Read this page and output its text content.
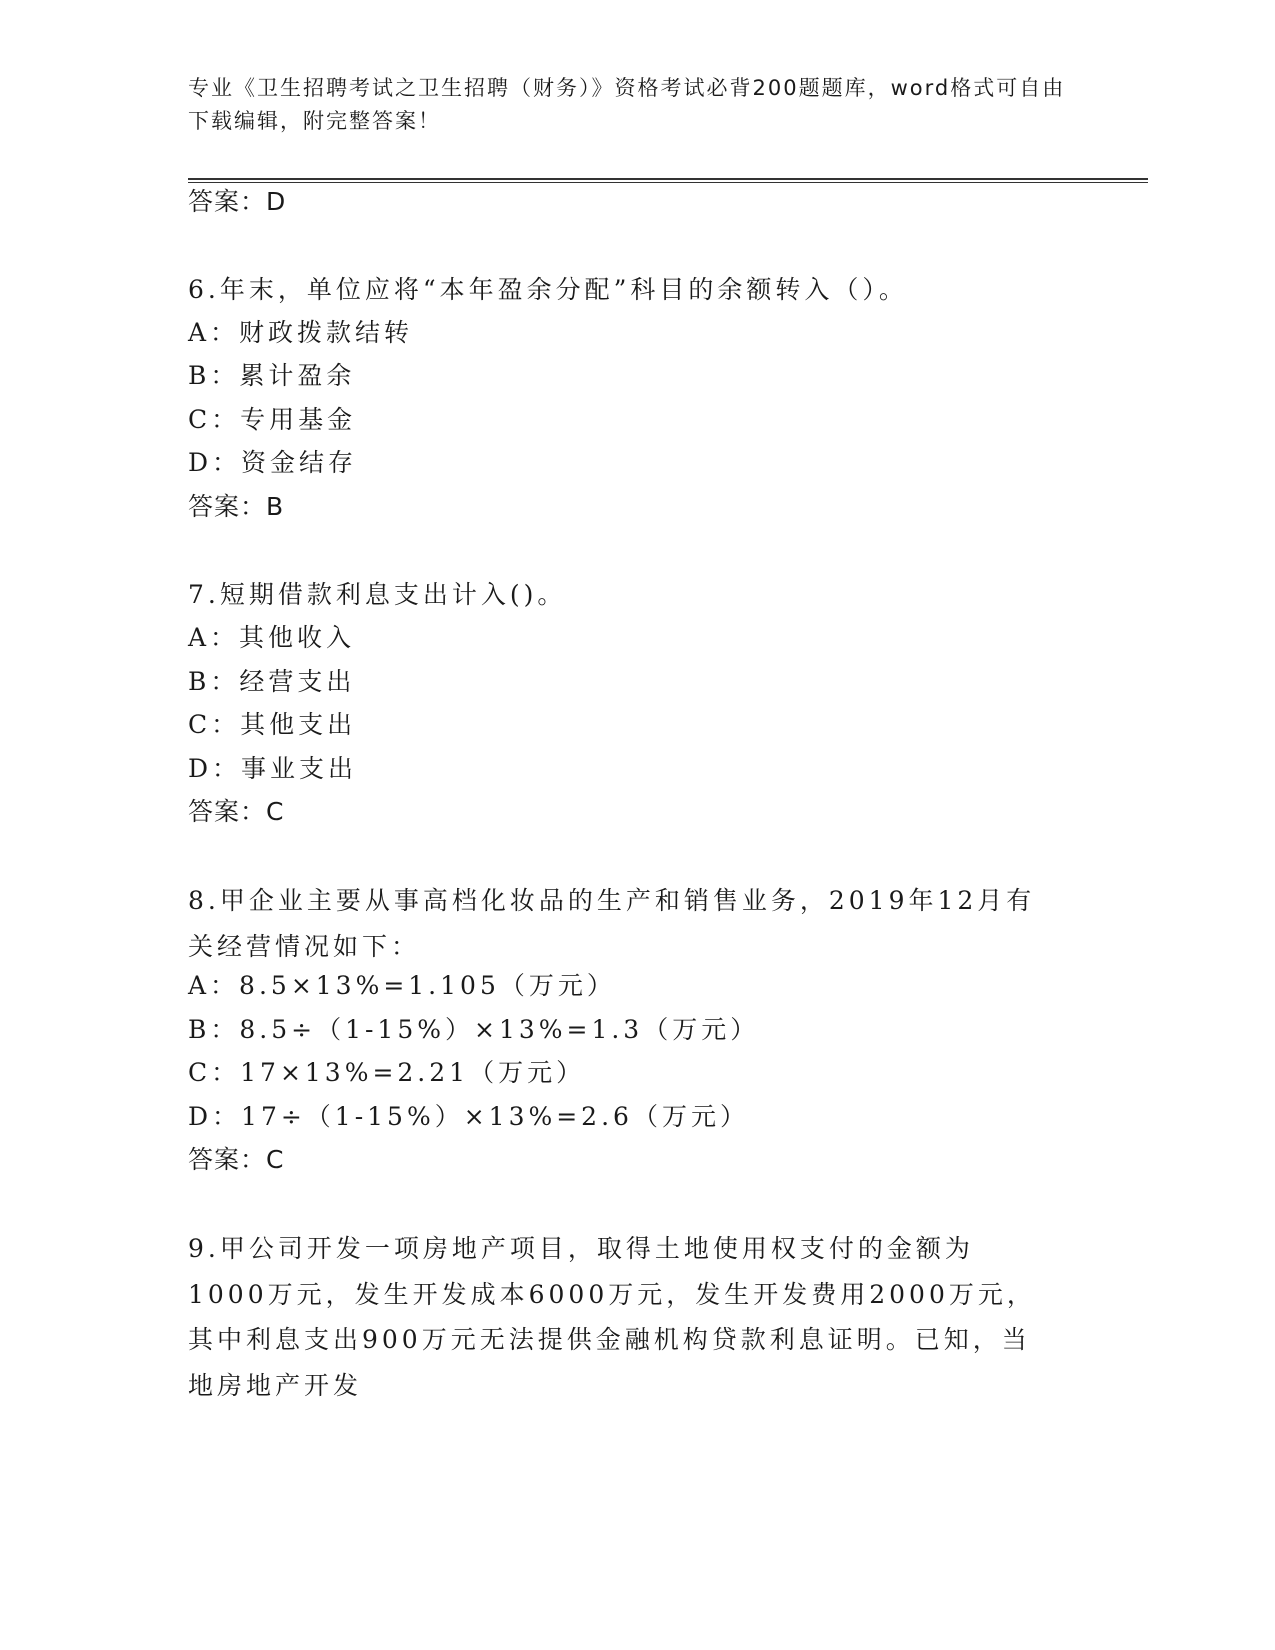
专业《卫生招聘考试之卫生招聘（财务）》资格考试必背200题题库，word格式可自由下载编辑，附完整答案！
答案：D
6.年末，单位应将“本年盈余分配”科目的余额转入（）。
A：财政拨款结转
B：累计盈余
C：专用基金
D：资金结存
答案：B
7.短期借款利息支出计入()。
A：其他收入
B：经营支出
C：其他支出
D：事业支出
答案：C
8.甲企业主要从事高档化妆品的生产和销售业务，2019年12月有关经营情况如下：
A：8.5×13%=1.105（万元）
B：8.5÷（1-15%）×13%=1.3（万元）
C：17×13%=2.21（万元）
D：17÷（1-15%）×13%=2.6（万元）
答案：C
9.甲公司开发一项房地产项目，取得土地使用权支付的金额为1000万元，发生开发成本6000万元，发生开发费用2000万元，其中利息支出900万元无法提供金融机构贷款利息证明。已知，当地房地产开发
